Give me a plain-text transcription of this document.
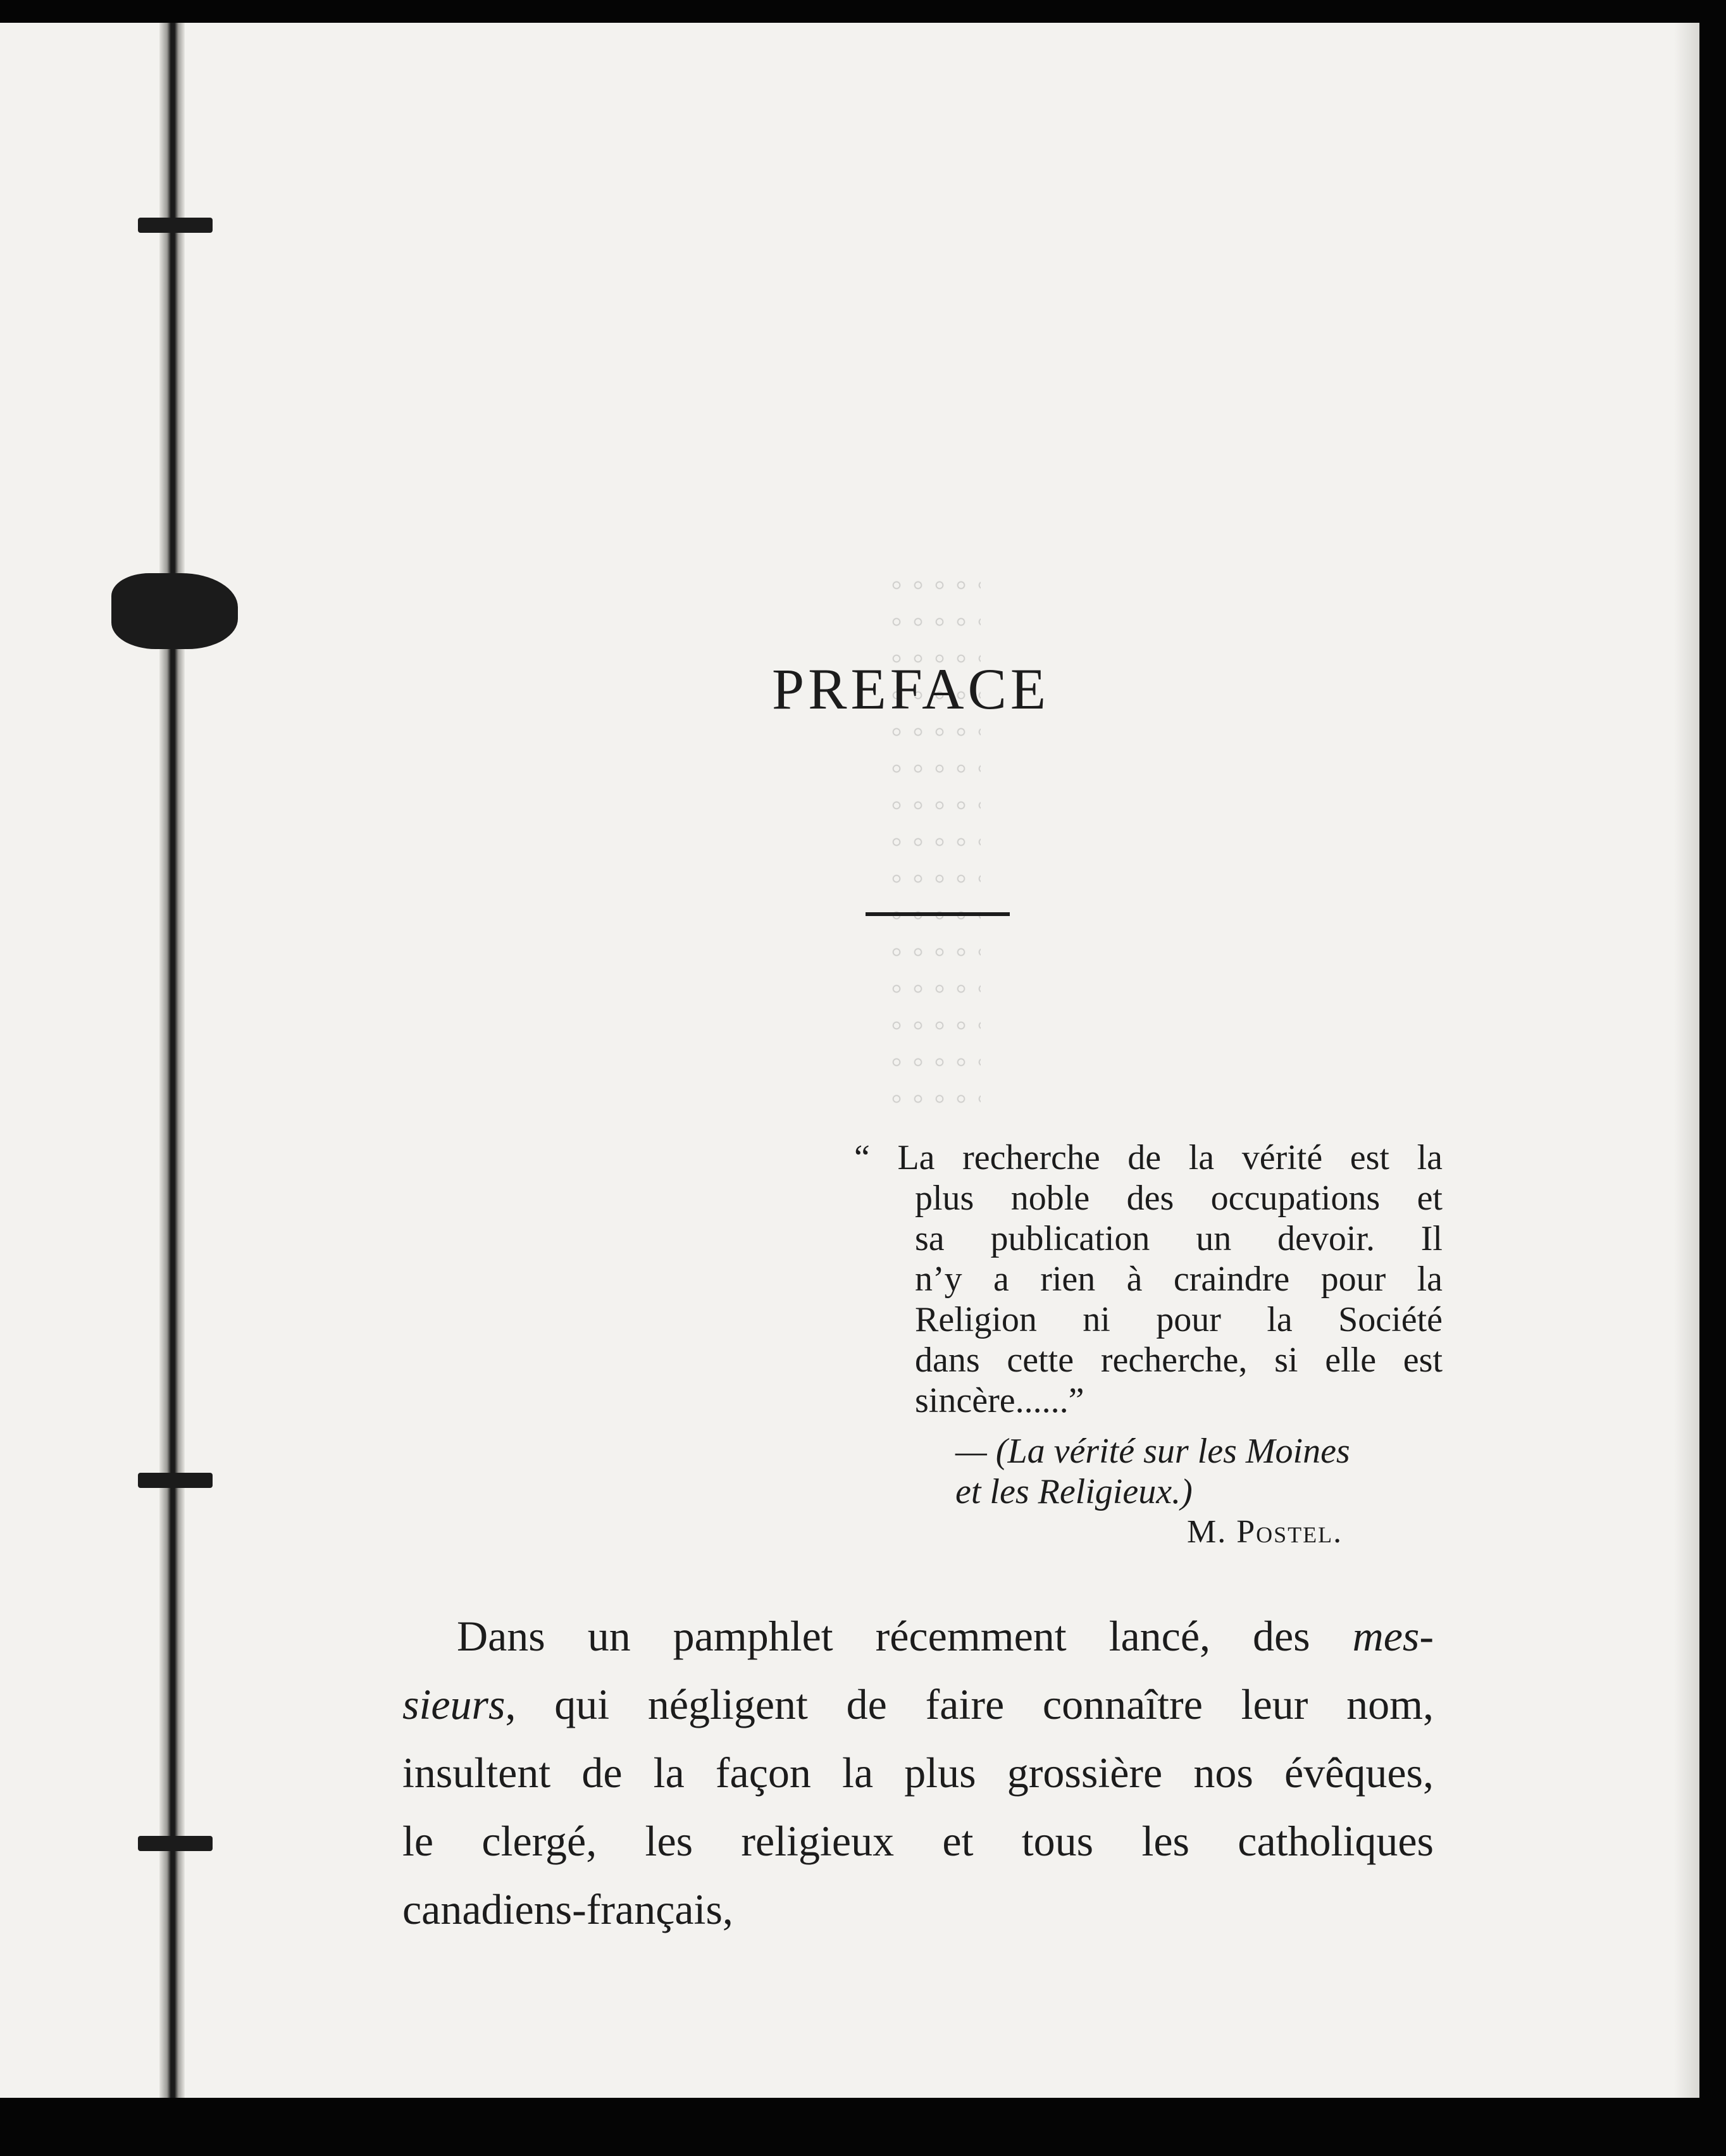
PREFACE
“ La recherche de la vérité est la
plus noble des occupations et
sa publication un devoir. Il
n’y a rien à craindre pour la
Religion ni pour la Société
dans cette recherche, si elle est
sincère......”
— (La vérité sur les Moines
et les Religieux.)
M. Postel.
Dans un pamphlet récemment lancé, des mes-
sieurs, qui négligent de faire connaître leur nom,
insultent de la façon la plus grossière nos évêques,
le clergé, les religieux et tous les catholiques
canadiens-français,
